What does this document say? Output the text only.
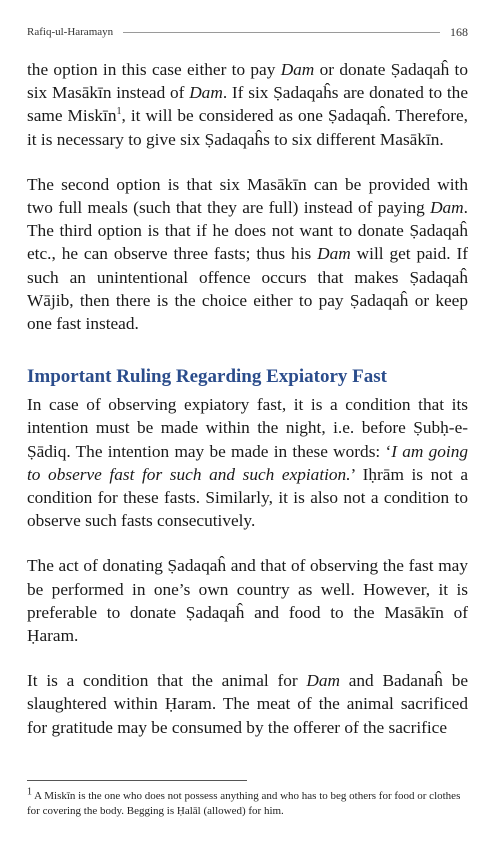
Rafiq-ul-Haramayn	168

the option in this case either to pay Dam or donate Ṣadaqaĥ to six Masākīn instead of Dam. If six Ṣadaqaĥs are donated to the same Miskīn$^1$, it will be considered as one Ṣadaqaĥ. Therefore, it is necessary to give six Ṣadaqaĥs to six different Masākīn.

The second option is that six Masākīn can be provided with two full meals (such that they are full) instead of paying Dam. The third option is that if he does not want to donate Ṣadaqaĥ etc., he can observe three fasts; thus his Dam will get paid. If such an unintentional offence occurs that makes Ṣadaqaĥ Wājib, then there is the choice either to pay Ṣadaqaĥ or keep one fast instead.

Important Ruling Regarding Expiatory Fast

In case of observing expiatory fast, it is a condition that its intention must be made within the night, i.e. before Ṣubḥ-e-Ṣādiq. The intention may be made in these words: ‘I am going to observe fast for such and such expiation.’ Iḥrām is not a condition for these fasts. Similarly, it is also not a condition to observe such fasts consecutively.

The act of donating Ṣadaqaĥ and that of observing the fast may be performed in one’s own country as well. However, it is preferable to donate Ṣadaqaĥ and food to the Masākīn of Ḥaram.

It is a condition that the animal for Dam and Badanaĥ be slaughtered within Ḥaram. The meat of the animal sacrificed for gratitude may be consumed by the offerer of the sacrifice

$^1$ A Miskīn is the one who does not possess anything and who has to beg others for food or clothes for covering the body. Begging is Ḥalāl (allowed) for him.
